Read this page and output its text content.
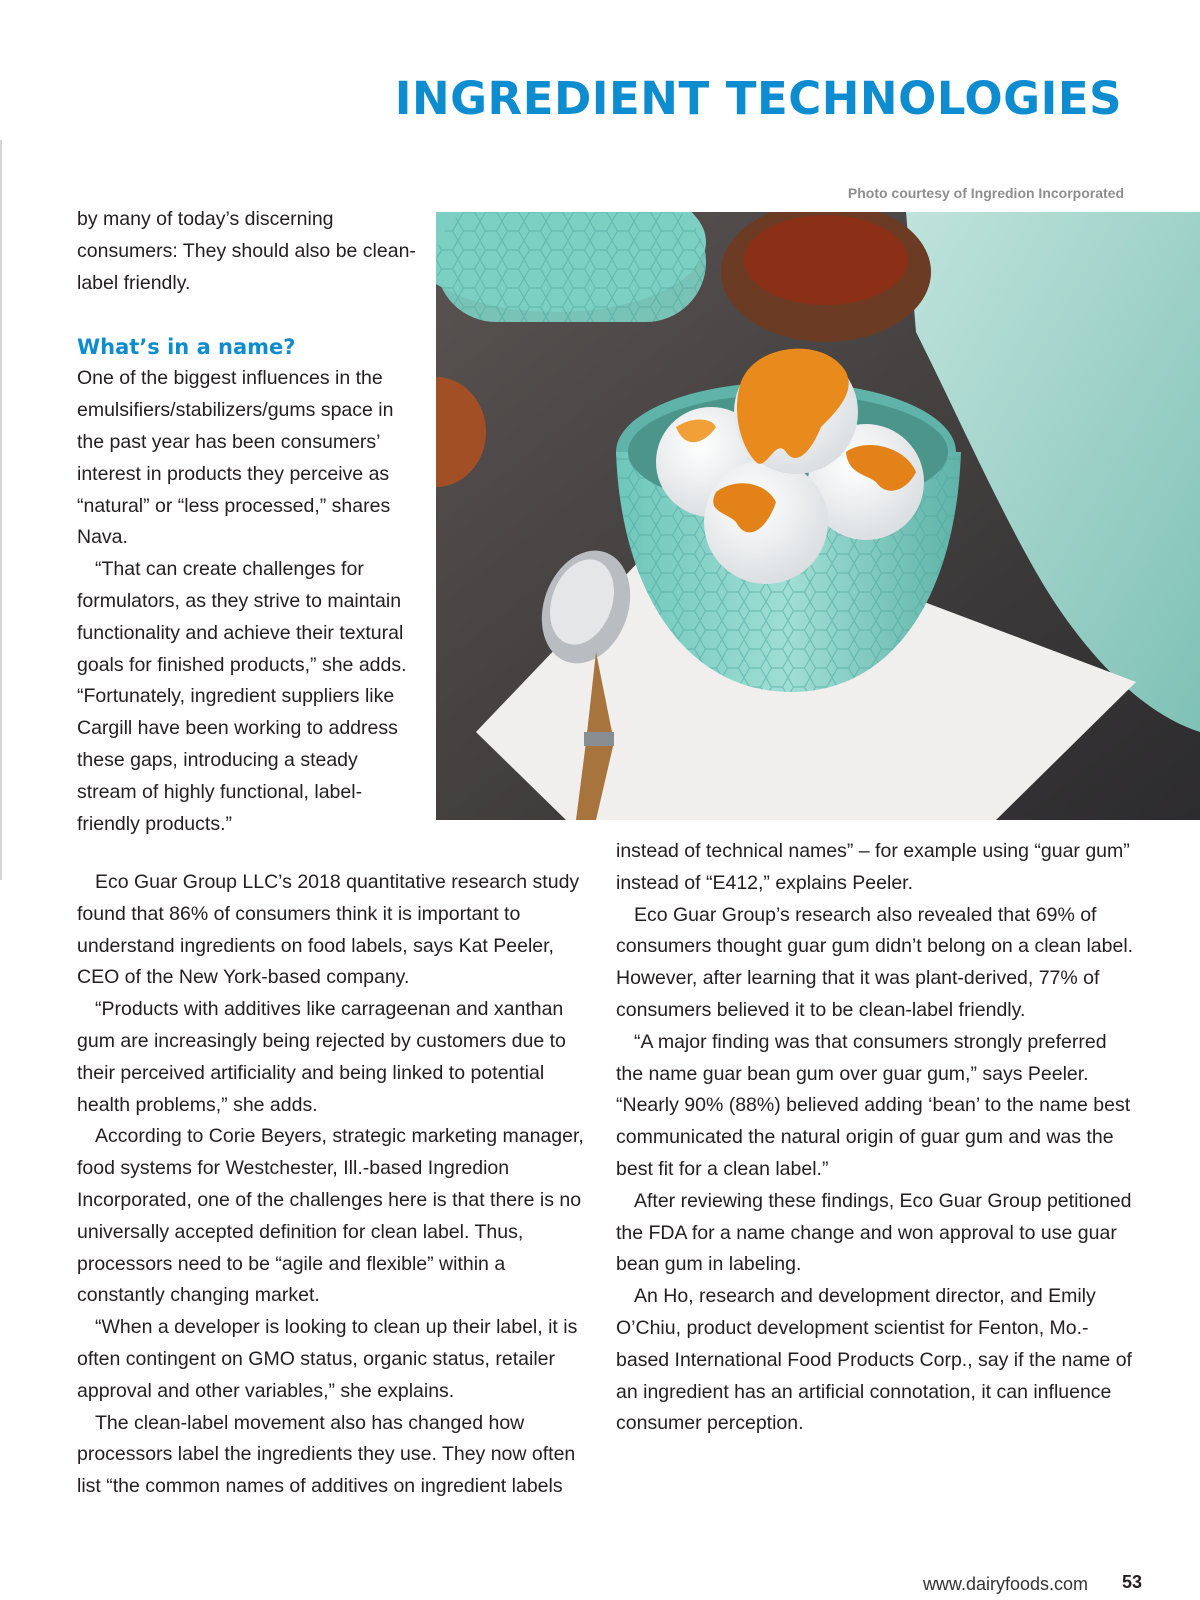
INGREDIENT TECHNOLOGIES
Photo courtesy of Ingredion Incorporated

by many of today’s discerning consumers: They should also be clean-label friendly.

What’s in a name?

One of the biggest influences in the emulsifiers/stabilizers/gums space in the past year has been consumers’ interest in products they perceive as “natural” or “less processed,” shares Nava.

“That can create challenges for formulators, as they strive to maintain functionality and achieve their textural goals for finished products,” she adds. “Fortunately, ingredient suppliers like Cargill have been working to address these gaps, introducing a steady stream of highly functional, label-friendly products.”

Eco Guar Group LLC’s 2018 quantitative research study found that 86% of consumers think it is important to understand ingredients on food labels, says Kat Peeler, CEO of the New York-based company.

“Products with additives like carrageenan and xanthan gum are increasingly being rejected by customers due to their perceived artificiality and being linked to potential health problems,” she adds.

According to Corie Beyers, strategic marketing manager, food systems for Westchester, Ill.-based Ingredion Incorporated, one of the challenges here is that there is no universally accepted definition for clean label. Thus, processors need to be “agile and flexible” within a constantly changing market.

“When a developer is looking to clean up their label, it is often contingent on GMO status, organic status, retailer approval and other variables,” she explains.

The clean-label movement also has changed how processors label the ingredients they use. They now often list “the common names of additives on ingredient labels

instead of technical names” – for example using “guar gum” instead of “E412,” explains Peeler.

Eco Guar Group’s research also revealed that 69% of consumers thought guar gum didn’t belong on a clean label. However, after learning that it was plant-derived, 77% of consumers believed it to be clean-label friendly.

“A major finding was that consumers strongly preferred the name guar bean gum over guar gum,” says Peeler. “Nearly 90% (88%) believed adding ‘bean’ to the name best communicated the natural origin of guar gum and was the best fit for a clean label.”

After reviewing these findings, Eco Guar Group petitioned the FDA for a name change and won approval to use guar bean gum in labeling.

An Ho, research and development director, and Emily O’Chiu, product development scientist for Fenton, Mo.-based International Food Products Corp., say if the name of an ingredient has an artificial connotation, it can influence consumer perception.

www.dairyfoods.com 53
